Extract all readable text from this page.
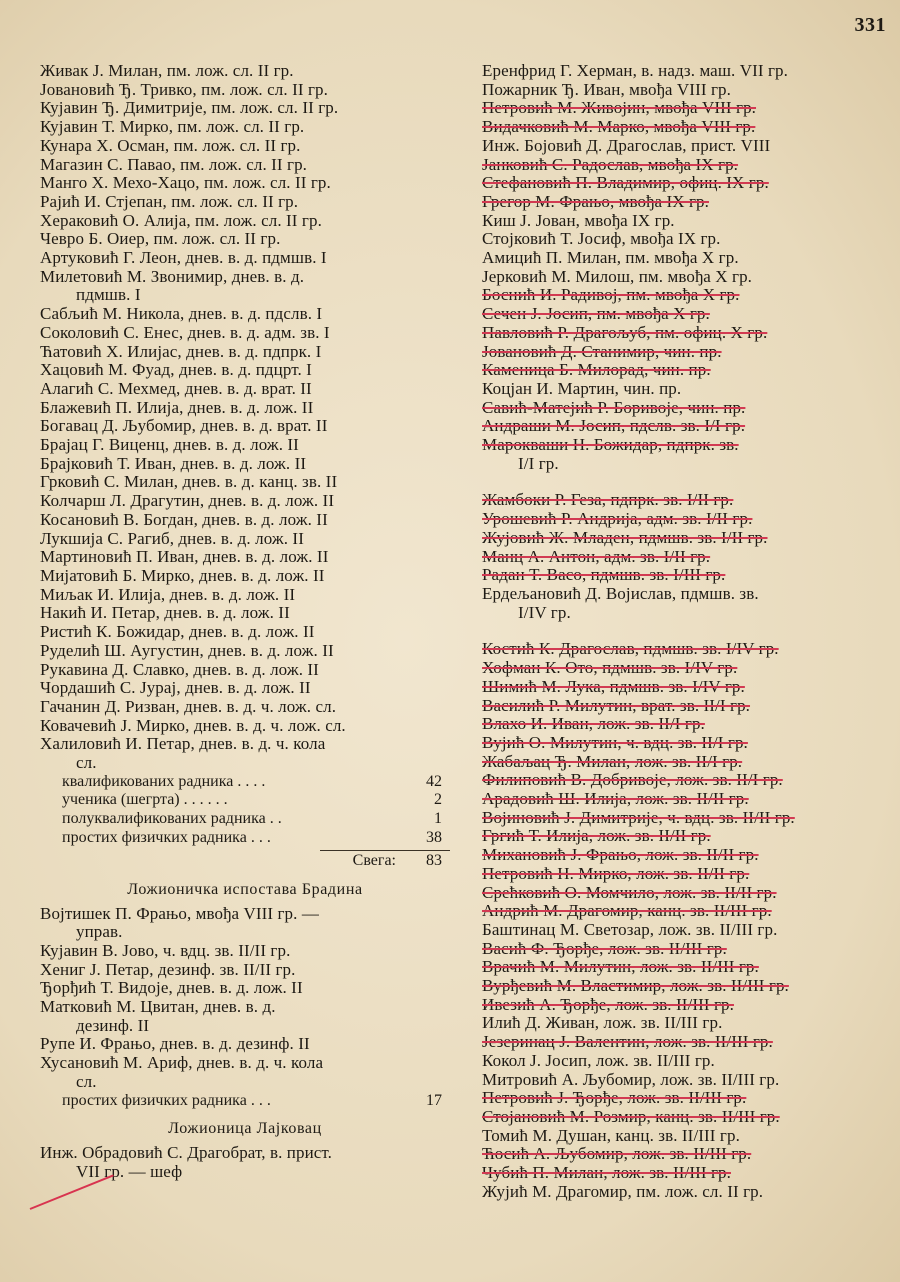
331
Живак J. Милан, пм. лож. сл. II гр.
Јовановић Ђ. Тривко, пм. лож. сл. II гр.
Кујавин Ђ. Димитрије, пм. лож. сл. II гр.
Кујавин Т. Мирко, пм. лож. сл. II гр.
Кунара Х. Осман, пм. лож. сл. II гр.
Магазин С. Павао, пм. лож. сл. II гр.
Манго Х. Мехо-Хацо, пм. лож. сл. II гр.
Рајић И. Стјепан, пм. лож. сл. II гр.
Хераковић О. Алија, пм. лож. сл. II гр.
Чевро Б. Оиер, пм. лож. сл. II гр.
Артуковић Г. Леон, днев. в. д. пдмшв. I
Милетовић М. Звонимир, днев. в. д.
пдмшв. I
Сабљић М. Никола, днев. в. д. пдслв. I
Соколовић С. Енес, днев. в. д. адм. зв. I
Ћатовић Х. Илијас, днев. в. д. пдпрк. I
Хацовић М. Фуад, днев. в. д. пдцрт. I
Алагић С. Мехмед, днев. в. д. врат. II
Блажевић П. Илија, днев. в. д. лож. II
Богавац Д. Љубомир, днев. в. д. врат. II
Брајац Г. Виценц, днев. в. д. лож. II
Брајковић Т. Иван, днев. в. д. лож. II
Грковић С. Милан, днев. в. д. канц. зв. II
Колчарш Л. Драгутин, днев. в. д. лож. II
Косановић В. Богдан, днев. в. д. лож. II
Лукшија С. Рагиб, днев. в. д. лож. II
Мартиновић П. Иван, днев. в. д. лож. II
Мијатовић Б. Мирко, днев. в. д. лож. II
Миљак И. Илија, днев. в. д. лож. II
Накић И. Петар, днев. в. д. лож. II
Ристић К. Божидар, днев. в. д. лож. II
Руделић Ш. Аугустин, днев. в. д. лож. II
Рукавина Д. Славко, днев. в. д. лож. II
Чордашић С. Јурај, днев. в. д. лож. II
Гачанин Д. Ризван, днев. в. д. ч. лож. сл.
Ковачевић J. Мирко, днев. в. д. ч. лож. сл.
Халиловић И. Петар, днев. в. д. ч. кола
сл.
квалификованих радника . . . .	42
ученика (шегрта) . . . . . .	2
полуквалификованих радника . .	1
простих физичких радника . . .	38
Свега: 83
Ложионичка испостава Брадина
Војтишек П. Фрањо, мвођа VIII гр. —
управ.
Кујавин В. Јово, ч. вдц. зв. II/II гр.
Хениг J. Петар, дезинф. зв. II/II гр.
Ђорђић Т. Видоје, днев. в. д. лож. II
Матковић М. Цвитан, днев. в. д.
дезинф. II
Рупе И. Фрањо, днев. в. д. дезинф. II
Хусановић М. Ариф, днев. в. д. ч. кола
сл.
простих физичких радника . . .	17
Ложионица Лајковац
Инж. Обрадовић С. Драгобрат, в. прист.
VII гр. — шеф
Еренфрид Г. Херман, в. надз. маш. VII гр.
Пожарник Ђ. Иван, мвођа VIII гр.
Петровић М. Живојин, мвођа VIII гр.
Видачковић М. Марко, мвођа VIII гр.
Инж. Бојовић Д. Драгослав, прист. VIII
Јанковић С. Радослав, мвођа IX гр.
Стефановић П. Владимир, офиц. IX гр.
Грегор М. Фрањо, мвођа IX гр.
Киш J. Јован, мвођа IX гр.
Стојковић Т. Јосиф, мвођа IX гр.
Амицић П. Милан, пм. мвођа X гр.
Јерковић М. Милош, пм. мвођа X гр.
Боснић И. Радивој, пм. мвођа X гр.
Сечен J. Јосип, пм. мвођа X гр.
Павловић Р. Драгољуб, пм. офиц. X гр.
Јовановић Д. Станимир, чин. пр.
Каменица Б. Милорад, чин. пр.
Коцјан И. Мартин, чин. пр.
Савић-Матејић Р. Боривоје, чин. пр.
Андраши М. Јосип, пдслв. зв. I/I гр.
Марокваши Н. Божидар, пдпрк. зв.
I/I гр.
Жамбоки Р. Геза, пдпрк. зв. I/II гр.
Урошевић Р. Андрија, адм. зв. I/II гр.
Жујовић Ж. Младен, пдмшв. зв. I/II гр.
Манц А. Антон, адм. зв. I/II гр.
Радан Т. Васо, пдмшв. зв. I/III гр.
Ердељановић Д. Војислав, пдмшв. зв.
I/IV гр.
Костић К. Драгослав, пдмшв. зв. I/IV гр.
Хофман К. Ото, пдмшв. зв. I/IV гр.
Шимић М. Лука, пдмшв. зв. I/IV гр.
Василић Р. Милутин, врат. зв. II/I гр.
Влахо И. Иван, лож. зв. II/I гр.
Вујић О. Милутин, ч. вдц. зв. II/I гр.
Жабаљац Ђ. Милан, лож. зв. II/I гр.
Филиповић В. Добривоје, лож. зв. II/I гр.
Арадовић Ш. Илија, лож. зв. II/II гр.
Војиновић J. Димитрије, ч. вдц. зв. II/II гр.
Гргић Т. Илија, лож. зв. II/II гр.
Михановић J. Фрањо, лож. зв. II/II гр.
Петровић Н. Мирко, лож. зв. II/II гр.
Срећковић О. Момчило, лож. зв. II/II гр.
Андрић М. Драгомир, канц. зв. II/III гр.
Баштинац М. Светозар, лож. зв. II/III гр.
Васић Ф. Ђорђе, лож. зв. II/III гр.
Врачић М. Милутин, лож. зв. II/III гр.
Вурђевић М. Властимир, лож. зв. II/III гр.
Ивезић А. Ђорђе, лож. зв. II/III гр.
Илић Д. Живан, лож. зв. II/III гр.
Језеринац J. Валентин, лож. зв. II/III гр.
Кокол J. Јосип, лож. зв. II/III гр.
Митровић А. Љубомир, лож. зв. II/III гр.
Петровић J. Ђорђе, лож. зв. II/III гр.
Стојановић М. Розмир, канц. зв. II/III гр.
Томић М. Душан, канц. зв. II/III гр.
Ћосић А. Љубомир, лож. зв. II/III гр.
Чубић П. Милан, лож. зв. II/III гр.
Жујић М. Драгомир, пм. лож. сл. II гр.
